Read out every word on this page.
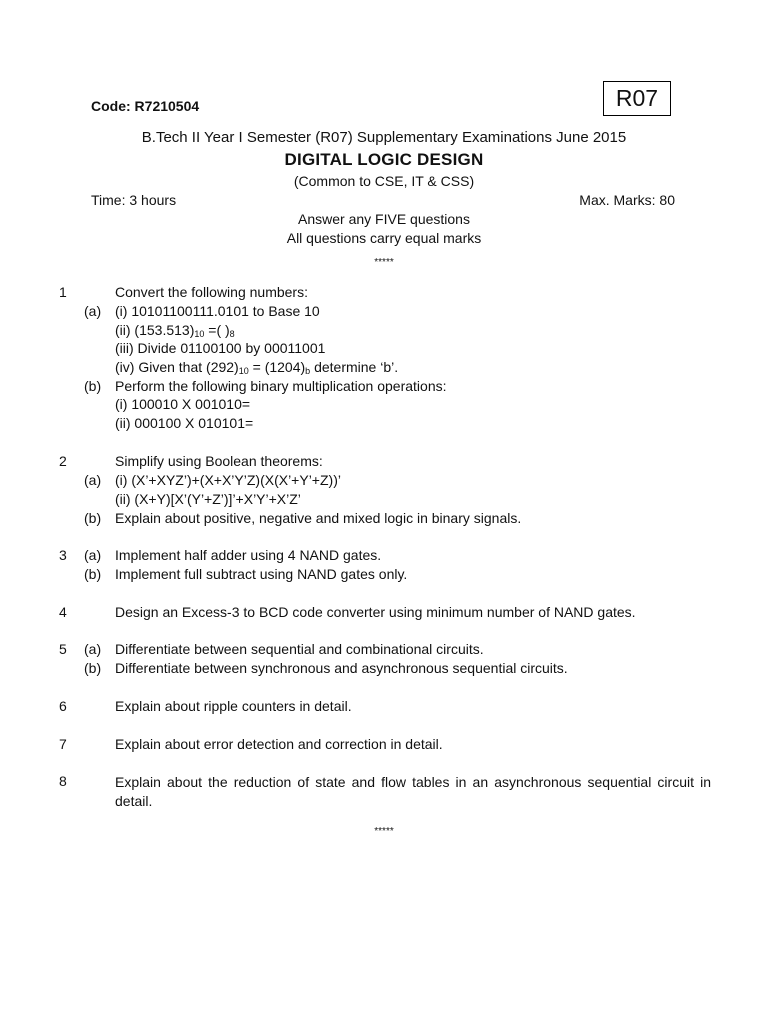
R07
Code: R7210504
B.Tech II Year I Semester (R07) Supplementary Examinations June 2015
DIGITAL LOGIC DESIGN
(Common to CSE, IT & CSS)
Time: 3 hours	Max. Marks: 80
Answer any FIVE questions
All questions carry equal marks
*****
1	Convert the following numbers:
(a) (i) 10101100111.0101 to Base 10
(ii) $(153.513)_{10}$ =( )$_8$
(iii) Divide 01100100 by 00011001
(iv) Given that $(292)_{10} = (1204)_b$ determine ‘b’.
(b) Perform the following binary multiplication operations:
(i) 100010 X 001010=
(ii) 000100 X 010101=
2	Simplify using Boolean theorems:
(a) (i) (X’+XYZ’)+(X+X’Y’Z)(X(X’+Y’+Z))’
(ii) (X+Y)[X’(Y’+Z’)]’+X’Y’+X’Z’
(b) Explain about positive, negative and mixed logic in binary signals.
3 (a) Implement half adder using 4 NAND gates.
(b) Implement full subtract using NAND gates only.
4	Design an Excess-3 to BCD code converter using minimum number of NAND gates.
5 (a) Differentiate between sequential and combinational circuits.
(b) Differentiate between synchronous and asynchronous sequential circuits.
6	Explain about ripple counters in detail.
7	Explain about error detection and correction in detail.
8	Explain about the reduction of state and flow tables in an asynchronous sequential circuit in detail.
*****
